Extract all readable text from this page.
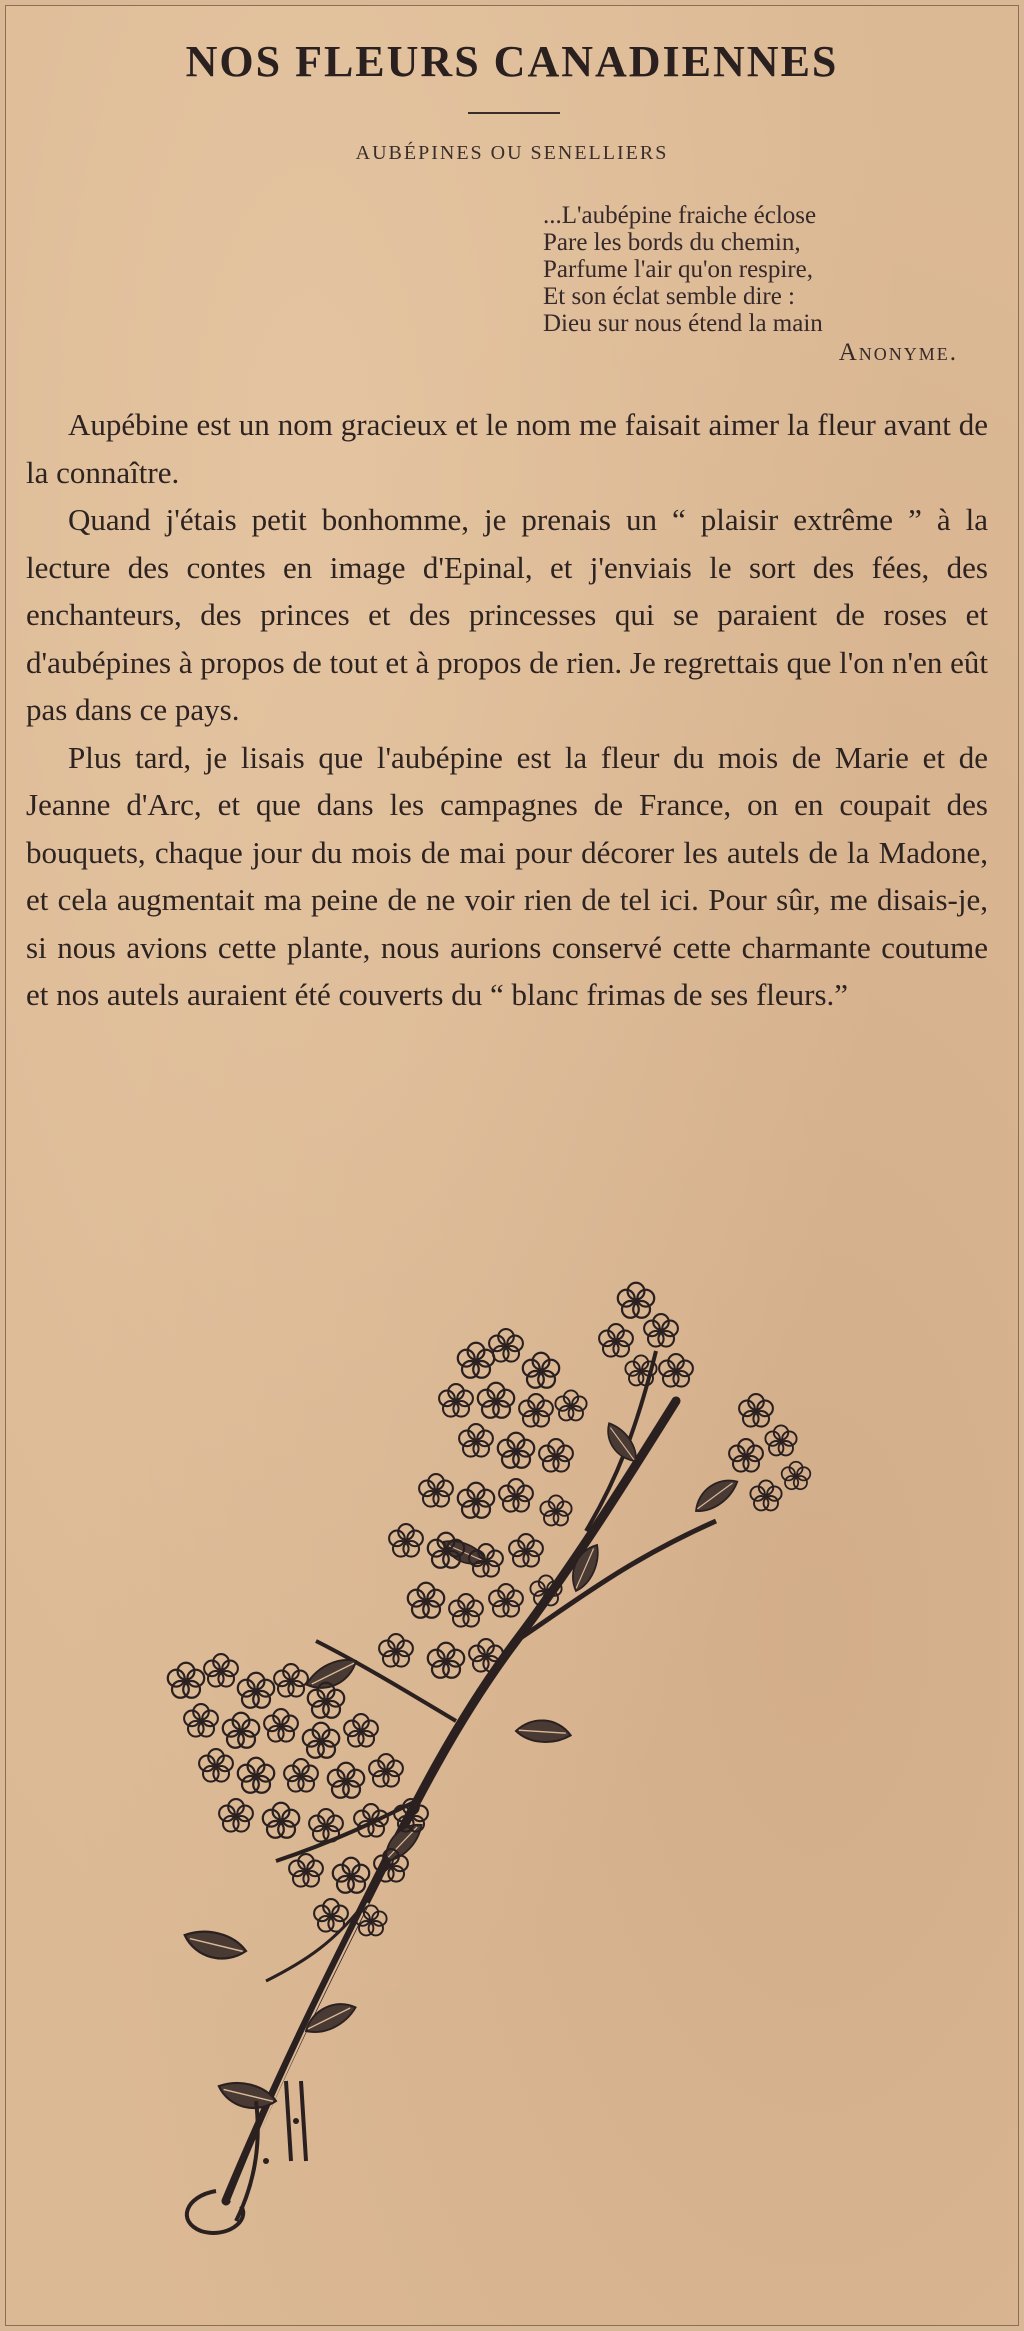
NOS FLEURS CANADIENNES
AUBÉPINES OU SENELLIERS
...L'aubépine fraiche éclose
Pare les bords du chemin,
Parfume l'air qu'on respire,
Et son éclat semble dire :
Dieu sur nous étend la main
Anonyme.

Aupébine est un nom gracieux et le nom me faisait aimer la fleur avant de la connaître.

Quand j'étais petit bonhomme, je prenais un “ plaisir extrême ” à la lecture des contes en image d'Epinal, et j'enviais le sort des fées, des enchanteurs, des princes et des princesses qui se paraient de roses et d'aubépines à propos de tout et à propos de rien. Je regrettais que l'on n'en eût pas dans ce pays.

Plus tard, je lisais que l'aubépine est la fleur du mois de Marie et de Jeanne d'Arc, et que dans les campagnes de France, on en coupait des bouquets, chaque jour du mois de mai pour décorer les autels de la Madone, et cela augmentait ma peine de ne voir rien de tel ici. Pour sûr, me disais-je, si nous avions cette plante, nous aurions conservé cette charmante coutume et nos autels auraient été couverts du “ blanc frimas de ses fleurs.”
